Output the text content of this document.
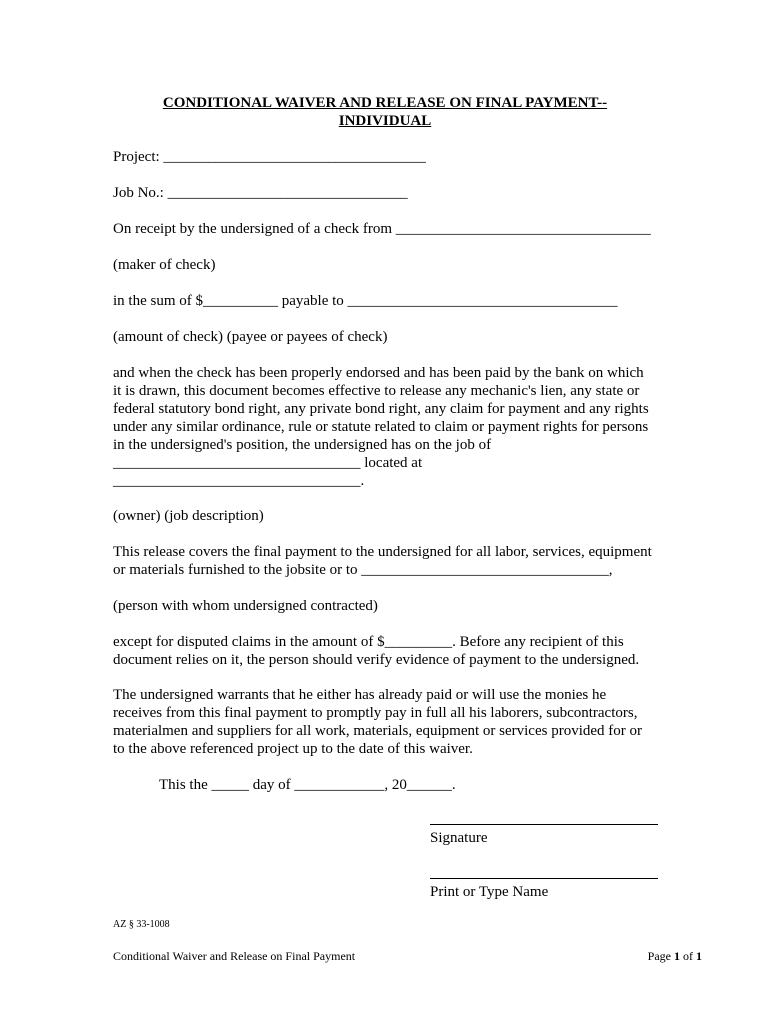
CONDITIONAL WAIVER AND RELEASE ON FINAL PAYMENT--
INDIVIDUAL
Project: ___________________________________
Job No.: ________________________________
On receipt by the undersigned of a check from __________________________________
(maker of check)
in the sum of $__________ payable to ____________________________________
(amount of check) (payee or payees of check)
and when the check has been properly endorsed and has been paid by the bank on which
it is drawn, this document becomes effective to release any mechanic's lien, any state or
federal statutory bond right, any private bond right, any claim for payment and any rights
under any similar ordinance, rule or statute related to claim or payment rights for persons
in the undersigned's position, the undersigned has on the job of
_________________________________ located at
_________________________________.
(owner) (job description)
This release covers the final payment to the undersigned for all labor, services, equipment
or materials furnished to the jobsite or to _________________________________,
(person with whom undersigned contracted)
except for disputed claims in the amount of $_________. Before any recipient of this
document relies on it, the person should verify evidence of payment to the undersigned.
The undersigned warrants that he either has already paid or will use the monies he
receives from this final payment to promptly pay in full all his laborers, subcontractors,
materialmen and suppliers for all work, materials, equipment or services provided for or
to the above referenced project up to the date of this waiver.
This the _____ day of ____________, 20______.
Signature
Print or Type Name
AZ § 33-1008
Conditional Waiver and Release on Final Payment	Page 1 of 1
